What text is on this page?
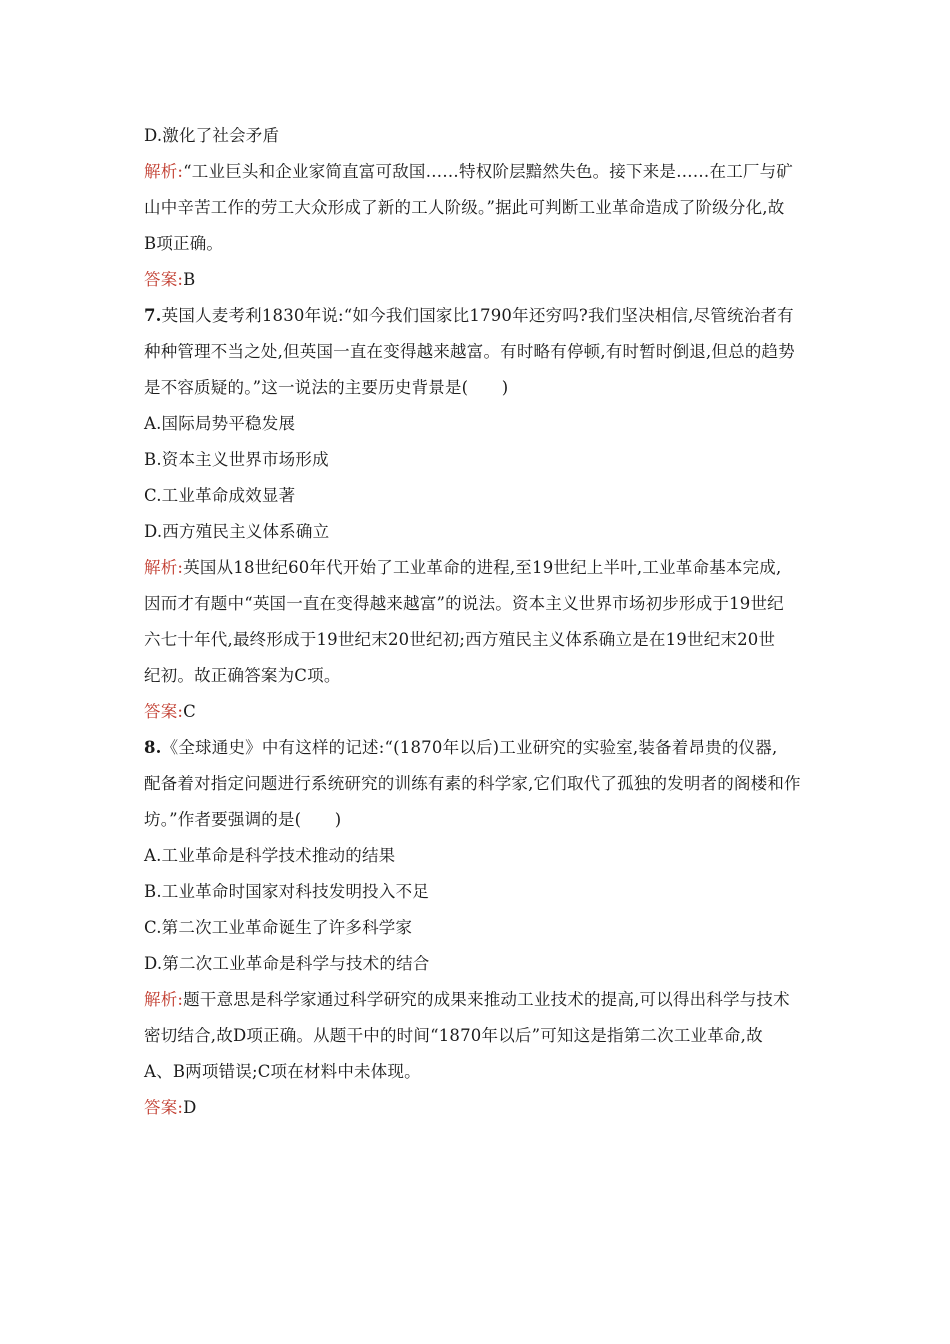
D.激化了社会矛盾
解析:“工业巨头和企业家简直富可敌国……特权阶层黯然失色。接下来是……在工厂与矿
山中辛苦工作的劳工大众形成了新的工人阶级。”据此可判断工业革命造成了阶级分化,故
B项正确。
答案:B
7.英国人麦考利1830年说:“如今我们国家比1790年还穷吗?我们坚决相信,尽管统治者有
种种管理不当之处,但英国一直在变得越来越富。有时略有停顿,有时暂时倒退,但总的趋势
是不容质疑的。”这一说法的主要历史背景是(　　)
A.国际局势平稳发展
B.资本主义世界市场形成
C.工业革命成效显著
D.西方殖民主义体系确立
解析:英国从18世纪60年代开始了工业革命的进程,至19世纪上半叶,工业革命基本完成,
因而才有题中“英国一直在变得越来越富”的说法。资本主义世界市场初步形成于19世纪
六七十年代,最终形成于19世纪末20世纪初;西方殖民主义体系确立是在19世纪末20世
纪初。故正确答案为C项。
答案:C
8.《全球通史》中有这样的记述:“(1870年以后)工业研究的实验室,装备着昂贵的仪器,
配备着对指定问题进行系统研究的训练有素的科学家,它们取代了孤独的发明者的阁楼和作
坊。”作者要强调的是(　　)
A.工业革命是科学技术推动的结果
B.工业革命时国家对科技发明投入不足
C.第二次工业革命诞生了许多科学家
D.第二次工业革命是科学与技术的结合
解析:题干意思是科学家通过科学研究的成果来推动工业技术的提高,可以得出科学与技术
密切结合,故D项正确。从题干中的时间“1870年以后”可知这是指第二次工业革命,故
A、B两项错误;C项在材料中未体现。
答案:D
